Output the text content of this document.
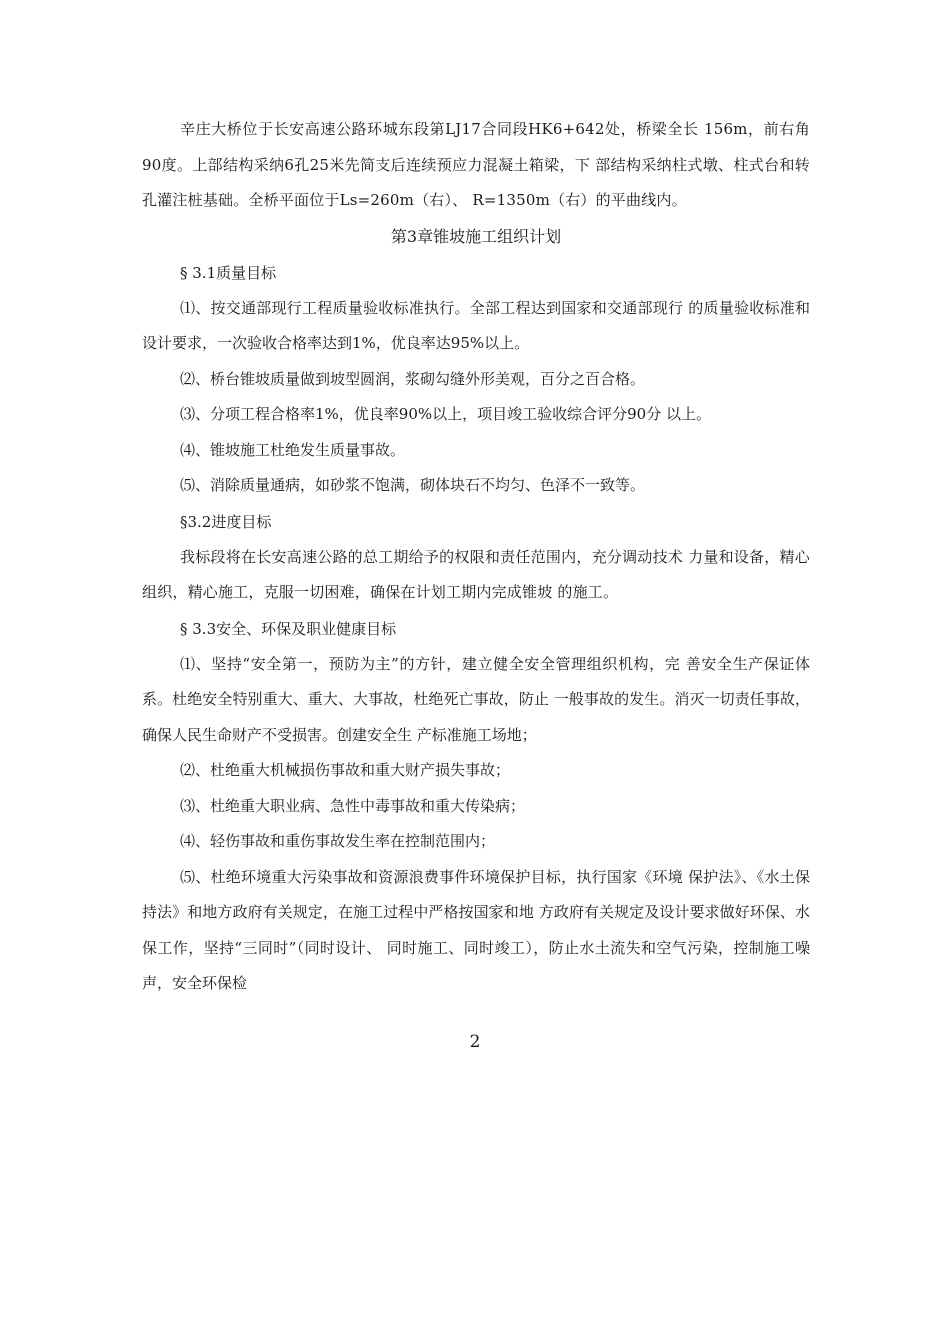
辛庄大桥位于长安高速公路环城东段第LJ17合同段HK6+642处，桥梁全长 156m，前右角90度。上部结构采纳6孔25米先简支后连续预应力混凝土箱梁，下 部结构采纳柱式墩、柱式台和转孔灌注桩基础。全桥平面位于Ls=260m（右）、 R=1350m（右）的平曲线内。

第3章锥坡施工组织计划

§ 3.1质量目标

⑴、按交通部现行工程质量验收标准执行。全部工程达到国家和交通部现行 的质量验收标准和设计要求，一次验收合格率达到1%，优良率达95%以上。

⑵、桥台锥坡质量做到坡型圆润，浆砌勾缝外形美观，百分之百合格。

⑶、分项工程合格率1%，优良率90%以上，项目竣工验收综合评分90分 以上。

⑷、锥坡施工杜绝发生质量事故。

⑸、消除质量通病，如砂浆不饱满，砌体块石不均匀、色泽不一致等。

§3.2进度目标

我标段将在长安高速公路的总工期给予的权限和责任范围内，充分调动技术 力量和设备，精心组织，精心施工，克服一切困难，确保在计划工期内完成锥坡 的施工。

§ 3.3安全、环保及职业健康目标

⑴、坚持“安全第一，预防为主”的方针，建立健全安全管理组织机构，完 善安全生产保证体系。杜绝安全特别重大、重大、大事故，杜绝死亡事故，防止 一般事故的发生。消灭一切责任事故，确保人民生命财产不受损害。创建安全生 产标准施工场地；

⑵、杜绝重大机械损伤事故和重大财产损失事故；

⑶、杜绝重大职业病、急性中毒事故和重大传染病；

⑷、轻伤事故和重伤事故发生率在控制范围内；

⑸、杜绝环境重大污染事故和资源浪费事件环境保护目标，执行国家《环境 保护法》、《水土保持法》和地方政府有关规定，在施工过程中严格按国家和地 方政府有关规定及设计要求做好环保、水保工作，坚持“三同时”（同时设计、 同时施工、同时竣工），防止水土流失和空气污染，控制施工噪声，安全环保检

2
